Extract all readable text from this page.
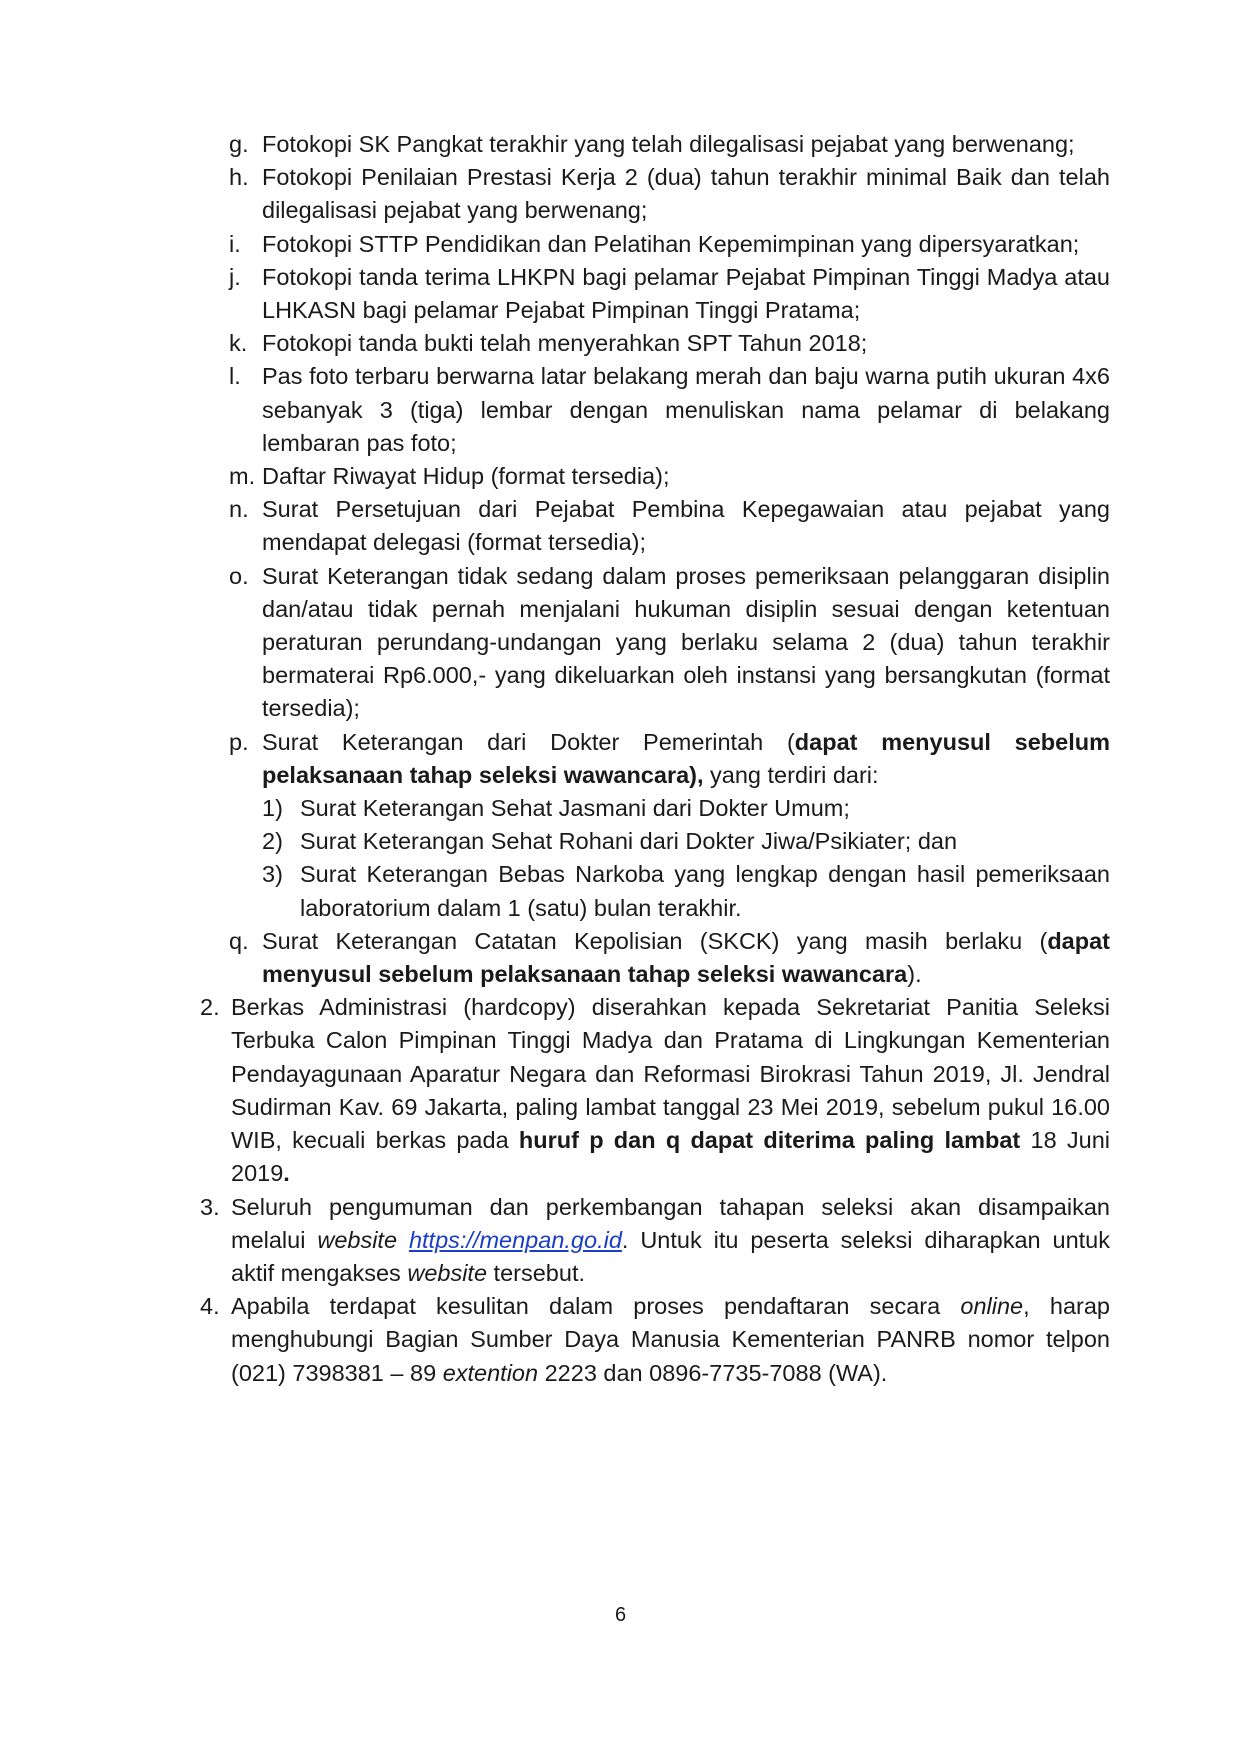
g. Fotokopi SK Pangkat terakhir yang telah dilegalisasi pejabat yang berwenang;
h. Fotokopi Penilaian Prestasi Kerja 2 (dua) tahun terakhir minimal Baik dan telah dilegalisasi pejabat yang berwenang;
i. Fotokopi STTP Pendidikan dan Pelatihan Kepemimpinan yang dipersyaratkan;
j. Fotokopi tanda terima LHKPN bagi pelamar Pejabat Pimpinan Tinggi Madya atau LHKASN bagi pelamar Pejabat Pimpinan Tinggi Pratama;
k. Fotokopi tanda bukti telah menyerahkan SPT Tahun 2018;
l. Pas foto terbaru berwarna latar belakang merah dan baju warna putih ukuran 4x6 sebanyak 3 (tiga) lembar dengan menuliskan nama pelamar di belakang lembaran pas foto;
m. Daftar Riwayat Hidup (format tersedia);
n. Surat Persetujuan dari Pejabat Pembina Kepegawaian atau pejabat yang mendapat delegasi (format tersedia);
o. Surat Keterangan tidak sedang dalam proses pemeriksaan pelanggaran disiplin dan/atau tidak pernah menjalani hukuman disiplin sesuai dengan ketentuan peraturan perundang-undangan yang berlaku selama 2 (dua) tahun terakhir bermaterai Rp6.000,- yang dikeluarkan oleh instansi yang bersangkutan (format tersedia);
p. Surat Keterangan dari Dokter Pemerintah (dapat menyusul sebelum pelaksanaan tahap seleksi wawancara), yang terdiri dari:
1) Surat Keterangan Sehat Jasmani dari Dokter Umum;
2) Surat Keterangan Sehat Rohani dari Dokter Jiwa/Psikiater; dan
3) Surat Keterangan Bebas Narkoba yang lengkap dengan hasil pemeriksaan laboratorium dalam 1 (satu) bulan terakhir.
q. Surat Keterangan Catatan Kepolisian (SKCK) yang masih berlaku (dapat menyusul sebelum pelaksanaan tahap seleksi wawancara).
2. Berkas Administrasi (hardcopy) diserahkan kepada Sekretariat Panitia Seleksi Terbuka Calon Pimpinan Tinggi Madya dan Pratama di Lingkungan Kementerian Pendayagunaan Aparatur Negara dan Reformasi Birokrasi Tahun 2019, Jl. Jendral Sudirman Kav. 69 Jakarta, paling lambat tanggal 23 Mei 2019, sebelum pukul 16.00 WIB, kecuali berkas pada huruf p dan q dapat diterima paling lambat 18 Juni 2019.
3. Seluruh pengumuman dan perkembangan tahapan seleksi akan disampaikan melalui website https://menpan.go.id. Untuk itu peserta seleksi diharapkan untuk aktif mengakses website tersebut.
4. Apabila terdapat kesulitan dalam proses pendaftaran secara online, harap menghubungi Bagian Sumber Daya Manusia Kementerian PANRB nomor telpon (021) 7398381 – 89 extention 2223 dan 0896-7735-7088 (WA).
6
